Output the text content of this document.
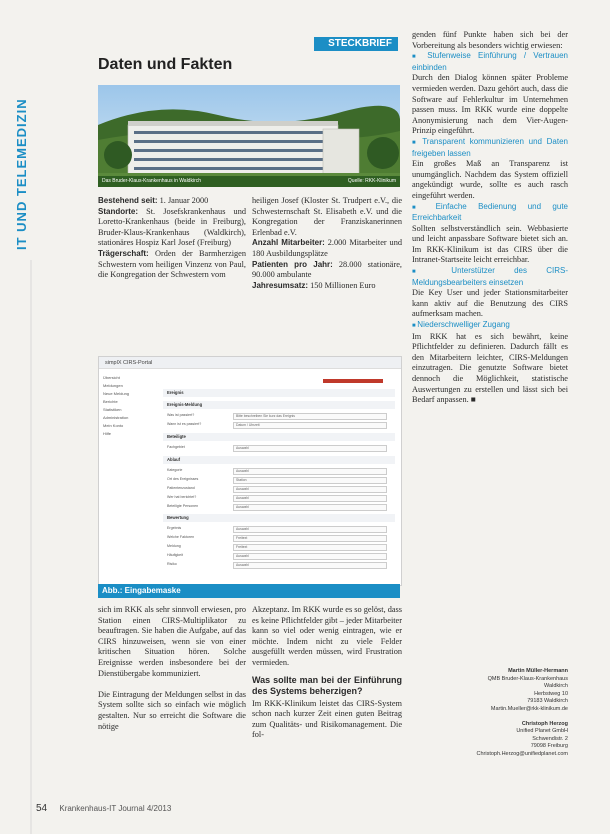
IT UND TELEMEDIZIN
STECKBRIEF
Daten und Fakten
Das Bruder-Klaus-Krankenhaus in Waldkirch	Quelle: RKK-Klinikum

Bestehend seit: 1. Januar 2000

Standorte: St. Josefskrankenhaus und Loretto-Krankenhaus (beide in Freiburg), Bruder-Klaus-Krankenhaus (Waldkirch), stationäres Hospiz Karl Josef (Freiburg)

Trägerschaft: Orden der Barmherzigen Schwestern vom heiligen Vinzenz von Paul, die Kongregation der Schwestern vom

heiligen Josef (Kloster St. Trudpert e.V., die Schwesternschaft St. Elisabeth e.V. und die Kongregation der Franziskanerinnen Erlenbad e.V.

Anzahl Mitarbeiter: 2.000 Mitarbeiter und 180 Ausbildungsplätze

Patienten pro Jahr: 28.000 stationäre, 90.000 ambulante

Jahresumsatz: 150 Millionen Euro

genden fünf Punkte haben sich bei der Vorbereitung als besonders wichtig erwiesen:
■ Stufenweise Einführung / Vertrauen einbinden
Durch den Dialog können später Probleme vermieden werden. Dazu gehört auch, dass die Software auf Fehlerkultur im Unternehmen passen muss. Im RKK wurde eine doppelte Anonymisierung nach dem Vier-Augen-Prinzip eingeführt.
■ Transparent kommunizieren und Daten freigeben lassen
Ein großes Maß an Transparenz ist unumgänglich. Nachdem das System offiziell angekündigt wurde, sollte es auch rasch eingeführt werden.
■ Einfache Bedienung und gute Erreichbarkeit
Sollten selbstverständlich sein. Webbasierte und leicht anpassbare Software bietet sich an. Im RKK-Klinikum ist das CIRS über die Intranet-Startseite leicht erreichbar.
■ Unterstützer des CIRS-Meldungsbearbeiters einsetzen
Die Key User und jeder Stationsmitarbeiter kann aktiv auf die Benutzung des CIRS aufmerksam machen.
■ Niederschwelliger Zugang
Im RKK hat es sich bewährt, keine Pflichtfelder zu definieren. Dadurch fällt es den Mitarbeitern leichter, CIRS-Meldungen einzutragen. Die genutzte Software bietet dennoch die Möglichkeit, statistische Auswertungen zu erstellen und lässt sich bei Bedarf anpassen. ■
simplX CIRS-Portal
Übersicht
Meldungen
Neue Meldung
Berichte
Statistiken
Administration
Mein Konto
Hilfe
Ereignis
Ereignis-Meldung
Was ist passiert?	Bitte beschreiben Sie kurz das Ereignis
Wann ist es passiert?	Datum / Uhrzeit
Beteiligte
Fachgebiet	Auswahl
Ablauf
Kategorie	Auswahl
Ort des Ereignisses	Station
Patientenzustand	Auswahl
Wer hat berichtet?	Auswahl
Beteiligte Personen	Auswahl
Bewertung
Ergebnis	Auswahl
Welche Faktoren	Freitext
Meldung	Freitext
Häufigkeit	Auswahl
Risiko	Auswahl
Abb.: Eingabemaske
sich im RKK als sehr sinnvoll erwiesen, pro Station einen CIRS-Multiplikator zu beauftragen. Sie haben die Aufgabe, auf das CIRS hinzuweisen, wenn sie von einer kritischen Situation hören. Solche Ereignisse werden insbesondere bei der Dienstübergabe kommuniziert.

Die Eintragung der Meldungen selbst in das System sollte sich so einfach wie möglich gestalten. Nur so erreicht die Software die nötige
Akzeptanz. Im RKK wurde es so gelöst, dass es keine Pflichtfelder gibt – jeder Mitarbeiter kann so viel oder wenig eintragen, wie er möchte. Indem nicht zu viele Felder ausgefüllt werden müssen, wird Frustration vermieden.
Was sollte man bei der Einführung des Systems beherzigen?
Im RKK-Klinikum leistet das CIRS-System schon nach kurzer Zeit einen guten Beitrag zum Qualitäts- und Risikomanagement. Die fol-
Martin Müller-Hermann
QMB Bruder-Klaus-Krankenhaus
Waldkirch
Herbstweg 10
79183 Waldkirch
Martin.Mueller@rkk-klinikum.de
Christoph Herzog
Unified Planet GmbH
Schwendistr. 2
79098 Freiburg
Christoph.Herzog@unifiedplanet.com
54 Krankenhaus-IT Journal 4/2013
